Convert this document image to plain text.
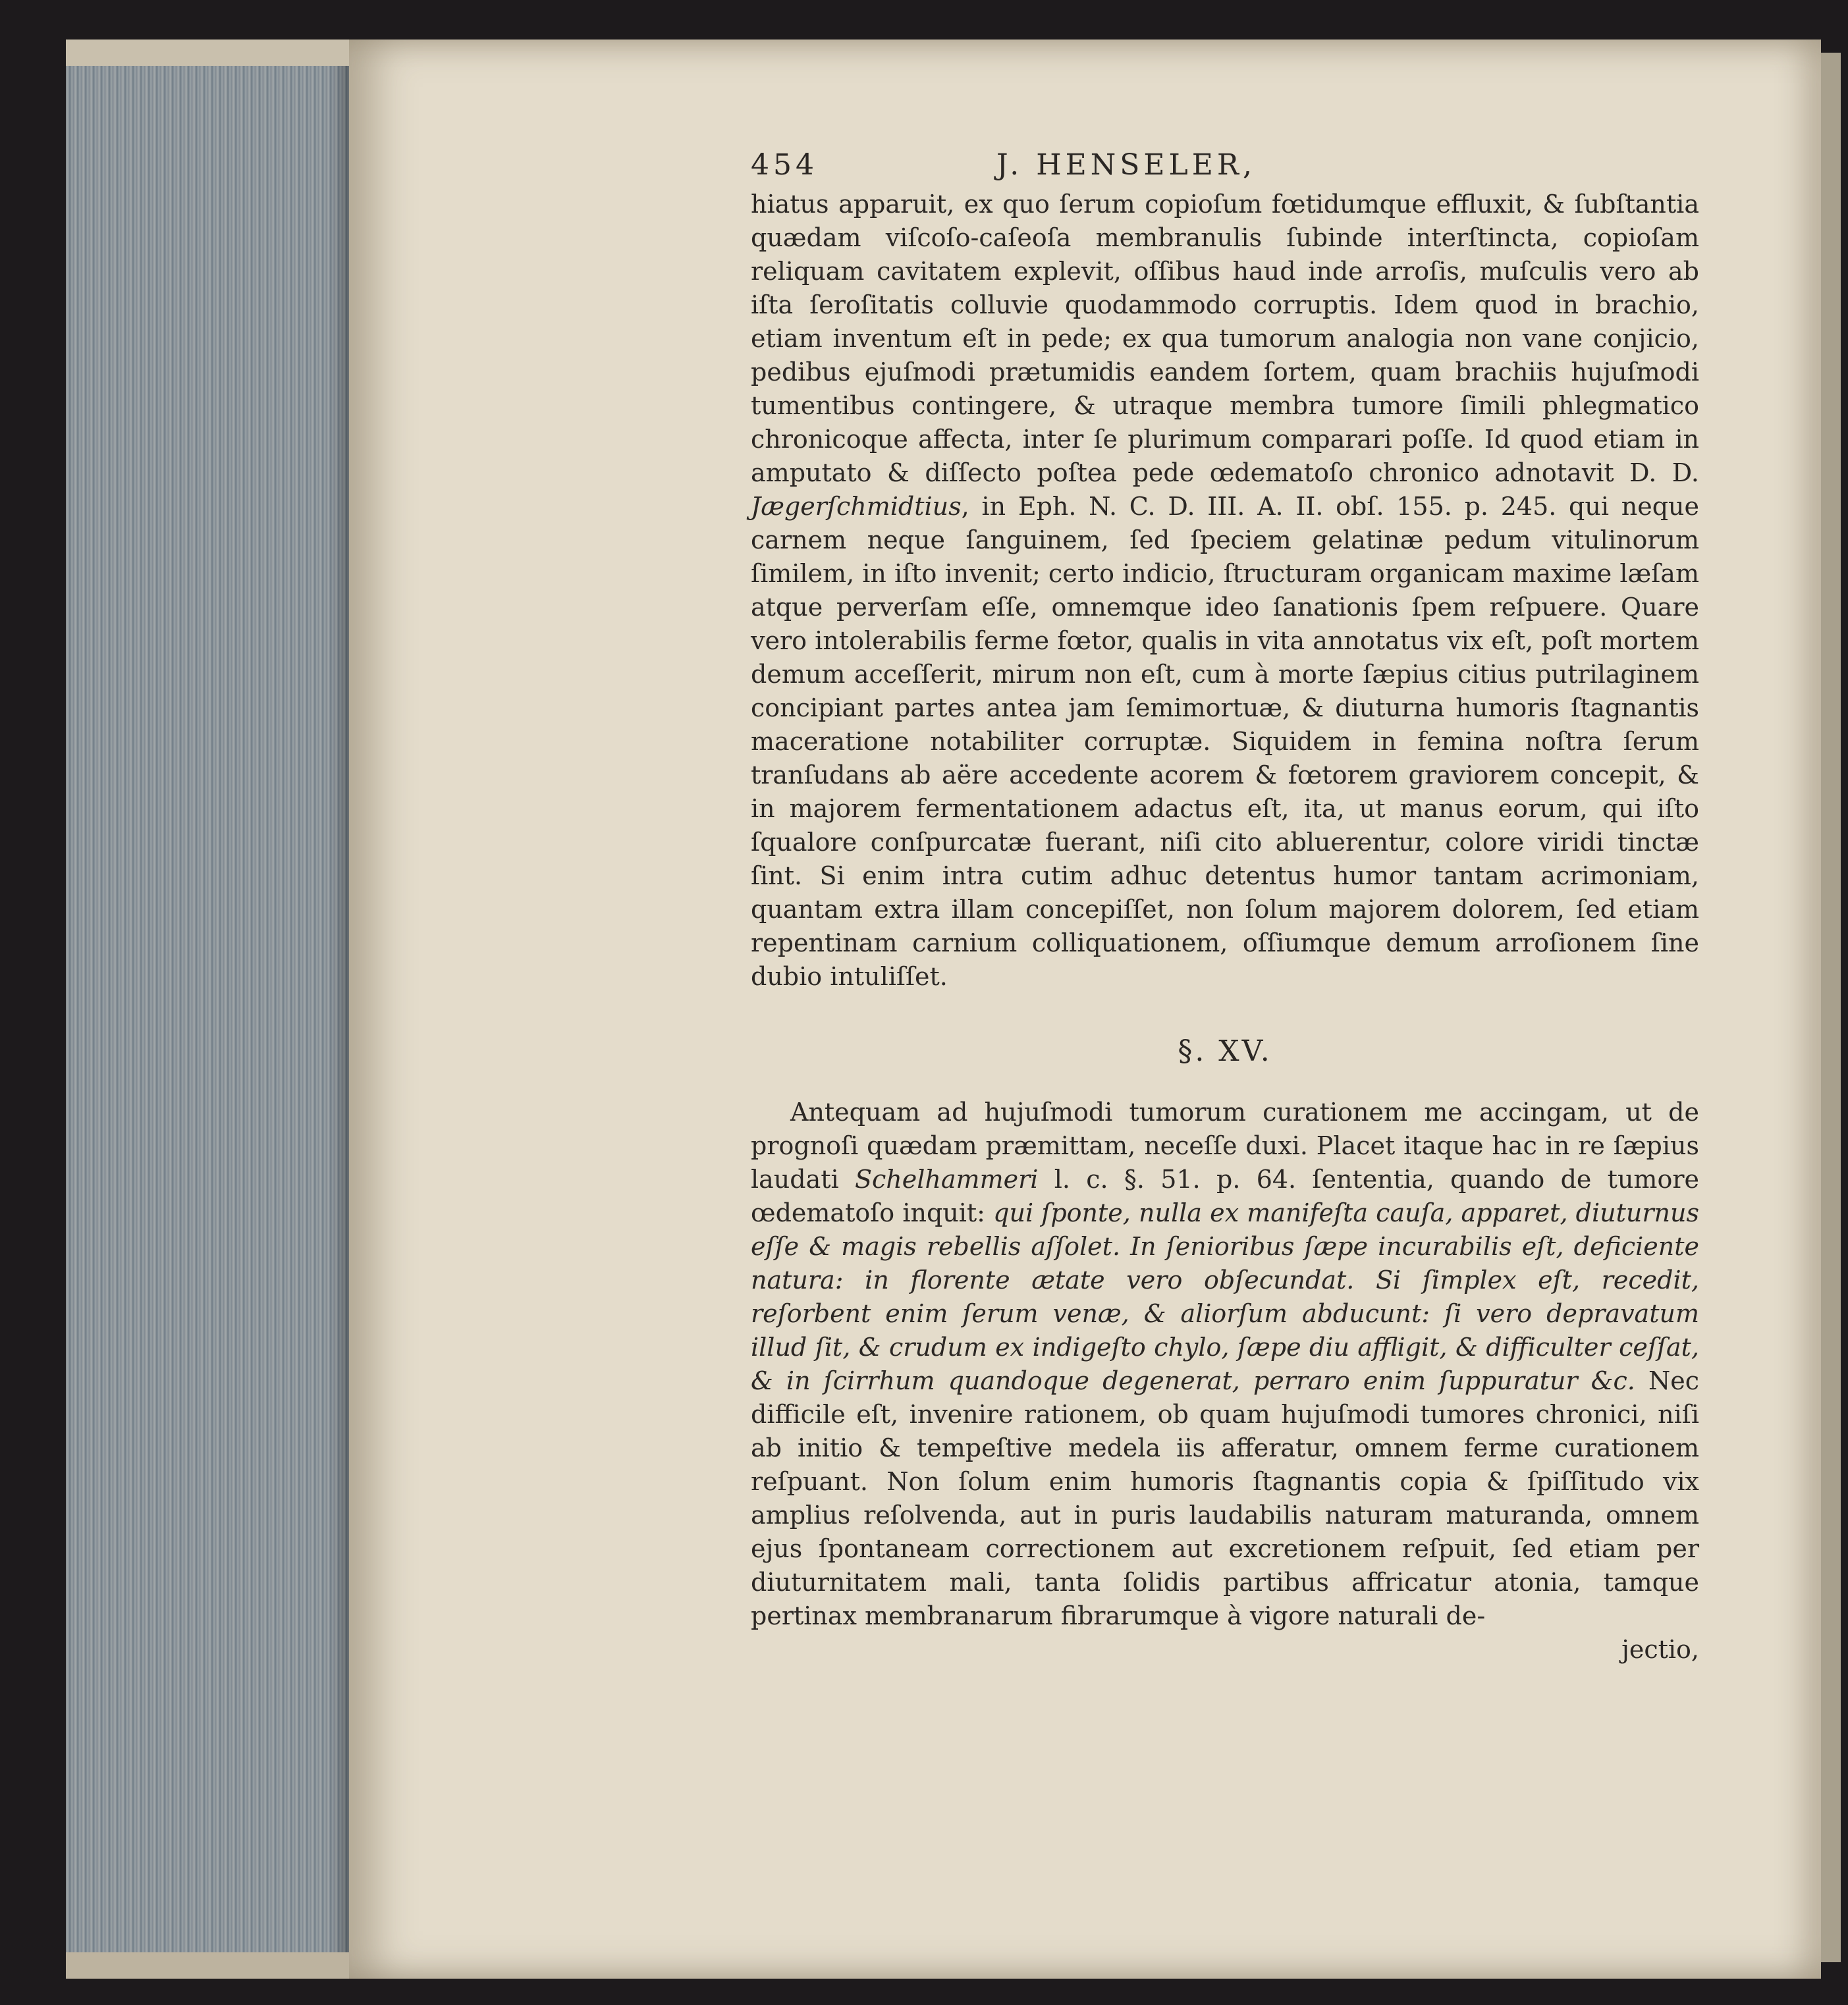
454	J. HENSELER,

hiatus apparuit, ex quo ſerum copioſum fœtidumque effluxit, & ſubſtantia quædam viſcoſo-caſeoſa membranulis ſubinde interſtincta, copioſam reliquam cavitatem explevit, oſſibus haud inde arroſis, muſculis vero ab iſta ſeroſitatis colluvie quodammodo corruptis. Idem quod in brachio, etiam inventum eſt in pede; ex qua tumorum analogia non vane conjicio, pedibus ejuſmodi prætumidis eandem ſortem, quam brachiis hujuſmodi tumentibus contingere, & utraque membra tumore ſimili phlegmatico chronicoque affecta, inter ſe plurimum comparari poſſe. Id quod etiam in amputato & diſſecto poſtea pede œdematoſo chronico adnotavit D. D. Jægerſchmidtius, in Eph. N. C. D. III. A. II. obſ. 155. p. 245. qui neque carnem neque ſanguinem, ſed ſpeciem gelatinæ pedum vitulinorum ſimilem, in iſto invenit; certo indicio, ſtructuram organicam maxime læſam atque perverſam eſſe, omnemque ideo ſanationis ſpem reſpuere. Quare vero intolerabilis ferme fœtor, qualis in vita annotatus vix eſt, poſt mortem demum acceſſerit, mirum non eſt, cum à morte ſæpius citius putrilaginem concipiant partes antea jam ſemimortuæ, & diuturna humoris ſtagnantis maceratione notabiliter corruptæ. Siquidem in femina noſtra ſerum tranſudans ab aëre accedente acorem & fœtorem graviorem concepit, & in majorem fermentationem adactus eſt, ita, ut manus eorum, qui iſto ſqualore conſpurcatæ fuerant, niſi cito abluerentur, colore viridi tinctæ ſint. Si enim intra cutim adhuc detentus humor tantam acrimoniam, quantam extra illam concepiſſet, non ſolum majorem dolorem, ſed etiam repentinam carnium colliquationem, oſſiumque demum arroſionem ſine dubio intuliſſet.

§. XV.

Antequam ad hujuſmodi tumorum curationem me accingam, ut de prognoſi quædam præmittam, neceſſe duxi. Placet itaque hac in re ſæpius laudati Schelhammeri l. c. §. 51. p. 64. ſententia, quando de tumore œdematoſo inquit: qui ſponte, nulla ex manifeſta cauſa, apparet, diuturnus eſſe & magis rebellis aſſolet. In ſenioribus ſæpe incurabilis eſt, deficiente natura: in florente ætate vero obſecundat. Si ſimplex eſt, recedit, reſorbent enim ſerum venæ, & aliorſum abducunt: ſi vero depravatum illud ſit, & crudum ex indigeſto chylo, ſæpe diu affligit, & difficulter ceſſat, & in ſcirrhum quandoque degenerat, perraro enim ſuppuratur &c. Nec difficile eſt, invenire rationem, ob quam hujuſmodi tumores chronici, niſi ab initio & tempeſtive medela iis afferatur, omnem ferme curationem reſpuant. Non ſolum enim humoris ſtagnantis copia & ſpiſſitudo vix amplius reſolvenda, aut in puris laudabilis naturam maturanda, omnem ejus ſpontaneam correctionem aut excretionem reſpuit, ſed etiam per diuturnitatem mali, tanta ſolidis partibus affricatur atonia, tamque pertinax membranarum fibrarumque à vigore naturali de-

jectio,
